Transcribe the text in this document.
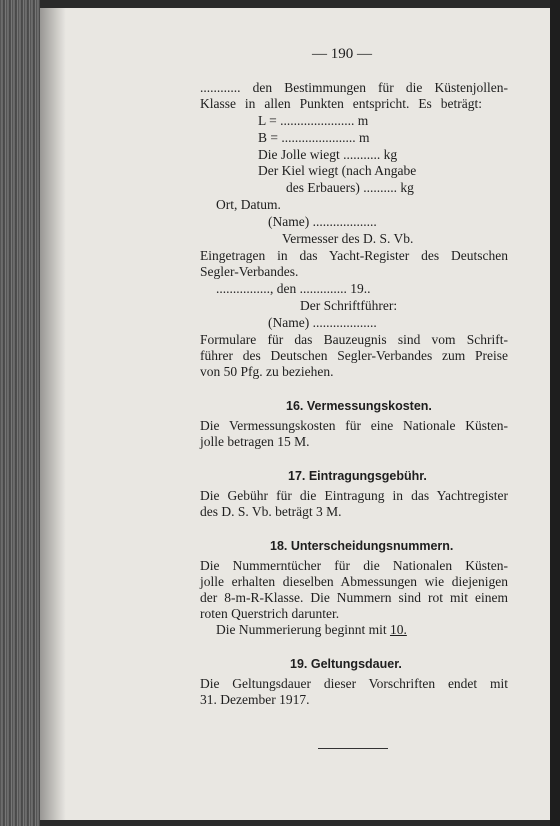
— 190 —
............ den Bestimmungen für die Küstenjollen-
Klasse in allen Punkten entspricht. Es beträgt:
L = ...................... m
B = ...................... m
Die Jolle wiegt ........... kg
Der Kiel wiegt (nach Angabe
des Erbauers) .......... kg
Ort, Datum.
(Name) ...................
Vermesser des D. S. Vb.
Eingetragen in das Yacht-Register des Deutschen
Segler-Verbandes.
................, den .............. 19..
Der Schriftführer:
(Name) ...................
Formulare für das Bauzeugnis sind vom Schrift-
führer des Deutschen Segler-Verbandes zum Preise
von 50 Pfg. zu beziehen.
16. Vermessungskosten.
Die Vermessungskosten für eine Nationale Küsten-
jolle betragen 15 M.
17. Eintragungsgebühr.
Die Gebühr für die Eintragung in das Yachtregister
des D. S. Vb. beträgt 3 M.
18. Unterscheidungsnummern.
Die Nummerntücher für die Nationalen Küsten-
jolle erhalten dieselben Abmessungen wie diejenigen
der 8-m-R-Klasse. Die Nummern sind rot mit einem
roten Querstrich darunter.
Die Nummerierung beginnt mit 10.
19. Geltungsdauer.
Die Geltungsdauer dieser Vorschriften endet mit
31. Dezember 1917.
